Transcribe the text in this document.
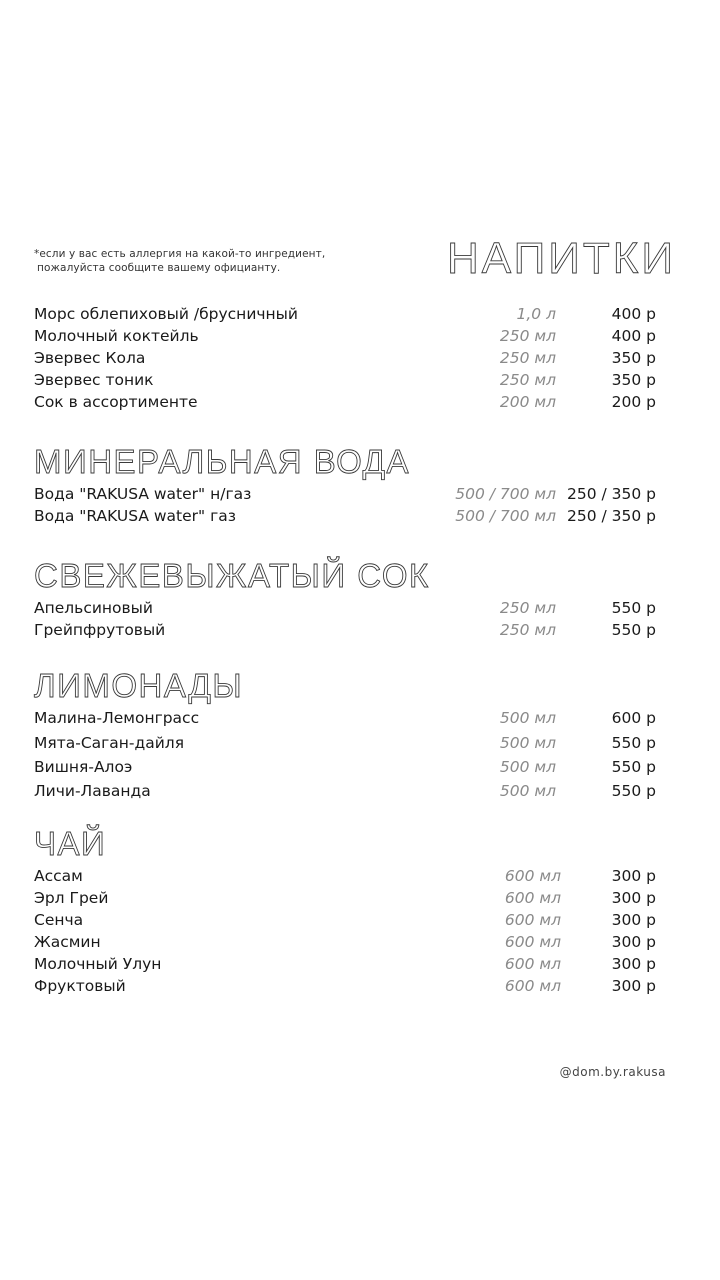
*если у вас есть аллергия на какой-то ингредиент,
пожалуйста сообщите вашему официанту.	НАПИТКИ
Морс облепиховый /брусничный	1,0 л	400 р
Молочный коктейль	250 мл	400 р
Эвервес Кола	250 мл	350 р
Эвервес тоник	250 мл	350 р
Сок в ассортименте	200 мл	200 р
МИНЕРАЛЬНАЯ ВОДА
Вода "RAKUSA water" н/газ	500 / 700 мл 250 / 350 р
Вода "RAKUSA water" газ	500 / 700 мл 250 / 350 р
СВЕЖЕВЫЖАТЫЙ СОК
Апельсиновый	250 мл	550 р
Грейпфрутовый	250 мл	550 р
ЛИМОНАДЫ
Малина-Лемонграсс	500 мл	600 р
Мята-Саган-дайля	500 мл	550 р
Вишня-Алоэ	500 мл	550 р
Личи-Лаванда	500 мл	550 р
ЧАЙ
Ассам	600 мл	300 р
Эрл Грей	600 мл	300 р
Сенча	600 мл	300 р
Жасмин	600 мл	300 р
Молочный Улун	600 мл	300 р
Фруктовый	600 мл	300 р
@dom.by.rakusa
